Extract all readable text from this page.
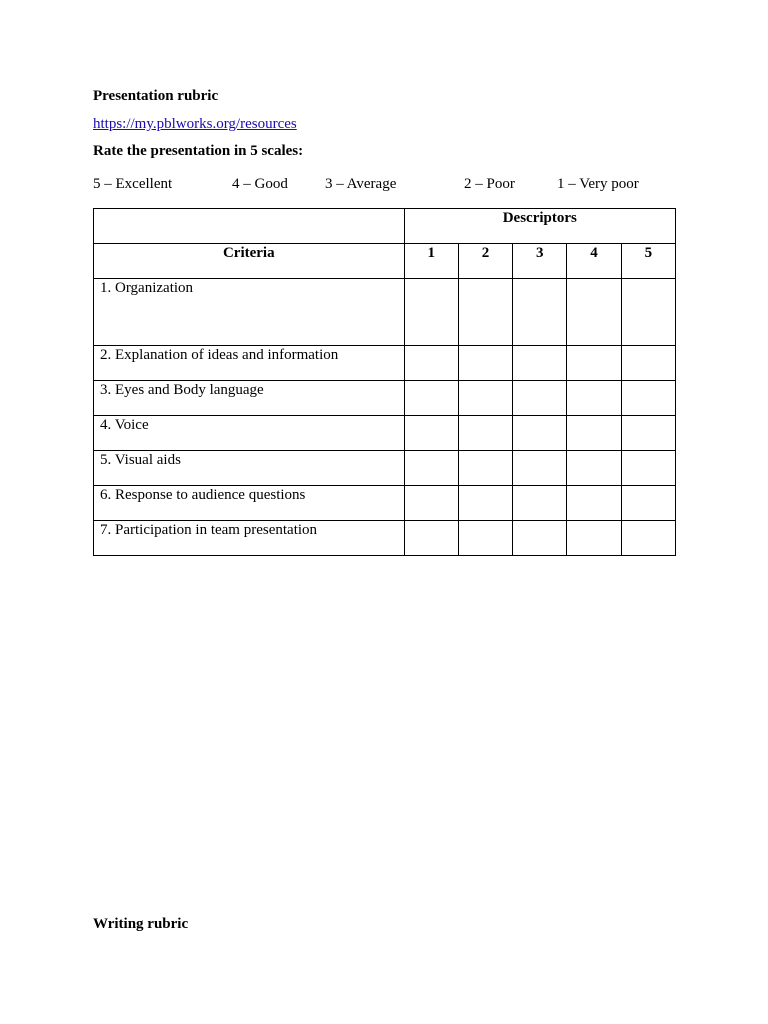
Presentation rubric
https://my.pblworks.org/resources
Rate the presentation in 5 scales:
5 – Excellent	4 – Good 3 – Average	2 – Poor	1 – Very poor
	Descriptors				
Criteria	1	2	3	4	5
1. Organization					
2. Explanation of ideas and information					
3. Eyes and Body language					
4. Voice					
5. Visual aids					
6. Response to audience questions					
7. Participation in team presentation					
Writing rubric
